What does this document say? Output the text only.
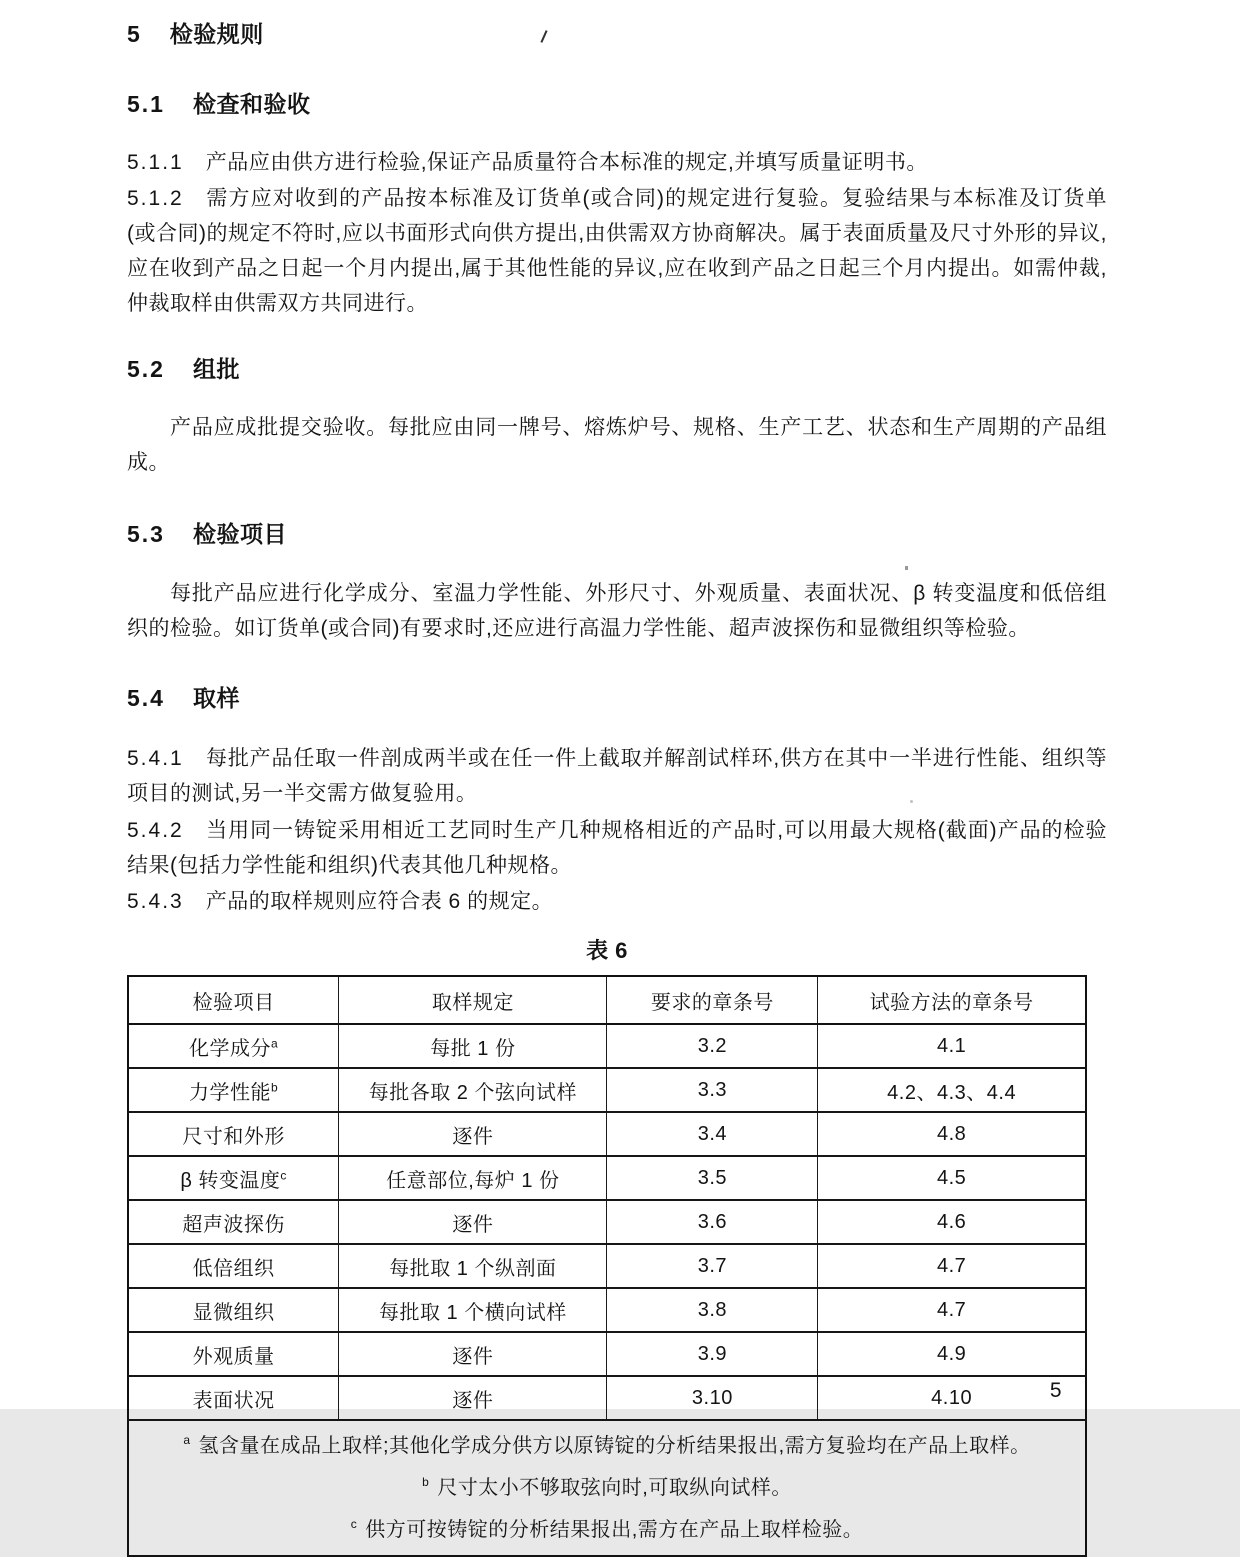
5 检验规则
5.1 检查和验收

5.1.1 产品应由供方进行检验,保证产品质量符合本标准的规定,并填写质量证明书。

5.1.2 需方应对收到的产品按本标准及订货单(或合同)的规定进行复验。复验结果与本标准及订货单(或合同)的规定不符时,应以书面形式向供方提出,由供需双方协商解决。属于表面质量及尺寸外形的异议,应在收到产品之日起一个月内提出,属于其他性能的异议,应在收到产品之日起三个月内提出。如需仲裁,仲裁取样由供需双方共同进行。

5.2 组批

产品应成批提交验收。每批应由同一牌号、熔炼炉号、规格、生产工艺、状态和生产周期的产品组成。

5.3 检验项目

每批产品应进行化学成分、室温力学性能、外形尺寸、外观质量、表面状况、β 转变温度和低倍组织的检验。如订货单(或合同)有要求时,还应进行高温力学性能、超声波探伤和显微组织等检验。

5.4 取样

5.4.1 每批产品任取一件剖成两半或在任一件上截取并解剖试样环,供方在其中一半进行性能、组织等项目的测试,另一半交需方做复验用。

5.4.2 当用同一铸锭采用相近工艺同时生产几种规格相近的产品时,可以用最大规格(截面)产品的检验结果(包括力学性能和组织)代表其他几种规格。

5.4.3 产品的取样规则应符合表 6 的规定。

表 6

检验项目	取样规定	要求的章条号	试验方法的章条号
化学成分$^a$	每批 1 份	3.2	4.1
力学性能$^b$	每批各取 2 个弦向试样	3.3	4.2、4.3、4.4
尺寸和外形	逐件	3.4	4.8
β 转变温度$^c$	任意部位,每炉 1 份	3.5	4.5
超声波探伤	逐件	3.6	4.6
低倍组织	每批取 1 个纵剖面	3.7	4.7
显微组织	每批取 1 个横向试样	3.8	4.7
外观质量	逐件	3.9	4.9
表面状况	逐件	3.10	4.10

$^a$ 氢含量在成品上取样;其他化学成分供方以原铸锭的分析结果报出,需方复验均在产品上取样。
$^b$ 尺寸太小不够取弦向时,可取纵向试样。
$^c$ 供方可按铸锭的分析结果报出,需方在产品上取样检验。			
5
